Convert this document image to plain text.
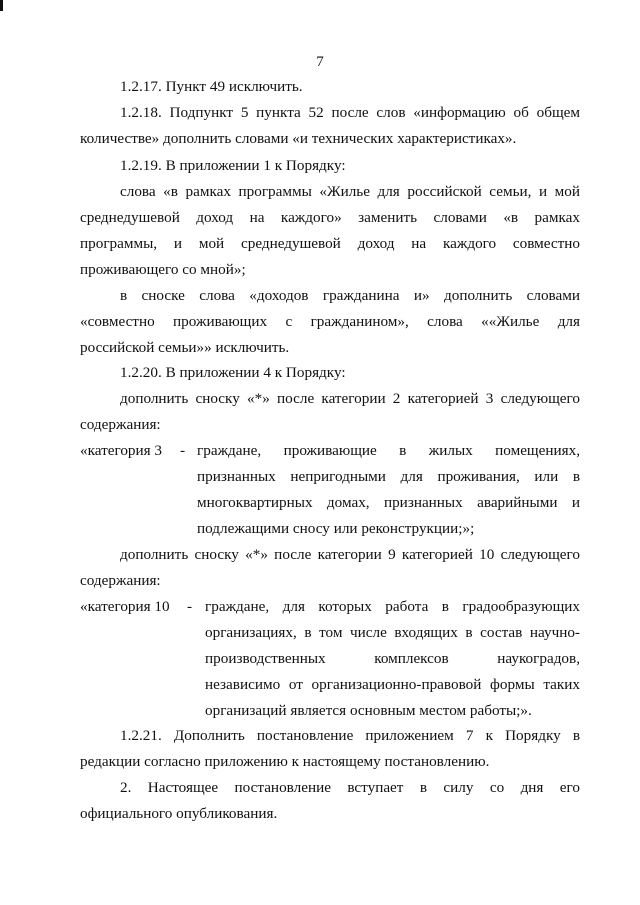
7
1.2.17. Пункт 49 исключить.
1.2.18. Подпункт 5 пункта 52 после слов «информацию об общем
количестве» дополнить словами «и технических характеристиках».
1.2.19. В приложении 1 к Порядку:
слова «в рамках программы «Жилье для российской семьи, и мой
среднедушевой доход на каждого» заменить словами «в рамках
программы, и мой среднедушевой доход на каждого совместно
проживающего со мной»;
в сноске слова «доходов гражданина и» дополнить словами
«совместно проживающих с гражданином», слова ««Жилье для
российской семьи»» исключить.
1.2.20. В приложении 4 к Порядку:
дополнить сноску «*» после категории 2 категорией 3 следующего
содержания:
«категория 3 - граждане, проживающие в жилых помещениях,
признанных непригодными для проживания, или в
многоквартирных домах, признанных аварийными и
подлежащими сносу или реконструкции;»;
дополнить сноску «*» после категории 9 категорией 10 следующего
содержания:
«категория 10 - граждане, для которых работа в градообразующих
организациях, в том числе входящих в состав научно-
производственных комплексов наукоградов,
независимо от организационно-правовой формы таких
организаций является основным местом работы;».
1.2.21. Дополнить постановление приложением 7 к Порядку в
редакции согласно приложению к настоящему постановлению.
2. Настоящее постановление вступает в силу со дня его
официального опубликования.
